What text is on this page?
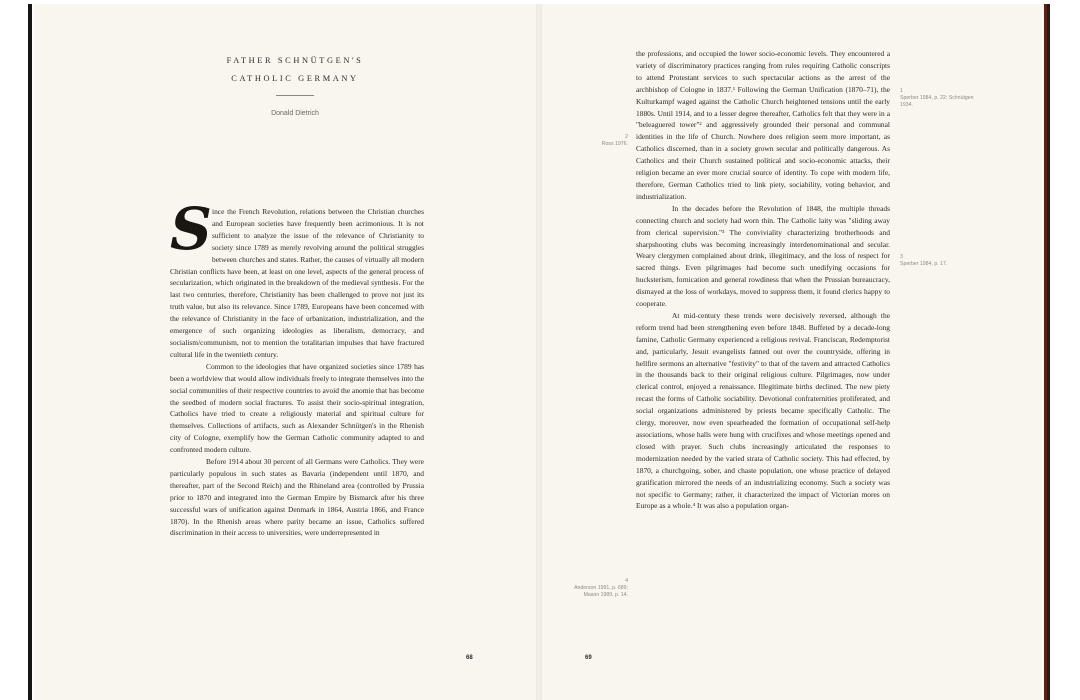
FATHER SCHNÜTGEN'S
CATHOLIC GERMANY
Donald Dietrich

Since the French Revolution, relations between the Christian churches and European societies have frequently been acrimonious. It is not sufficient to analyze the issue of the relevance of Christianity to society since 1789 as merely revolving around the political struggles between churches and states. Rather, the causes of virtually all modern Christian conflicts have been, at least on one level, aspects of the general process of secularization, which originated in the breakdown of the medieval synthesis. For the last two centuries, therefore, Christianity has been challenged to prove not just its truth value, but also its relevance. Since 1789, Europeans have been concerned with the relevance of Christianity in the face of urbanization, industrialization, and the emergence of such organizing ideologies as liberalism, democracy, and socialism/communism, not to mention the totalitarian impulses that have fractured cultural life in the twentieth century.

Common to the ideologies that have organized societies since 1789 has been a worldview that would allow individuals freely to integrate themselves into the social communities of their respective countries to avoid the anomie that has become the seedbed of modern social fractures. To assist their socio-spiritual integration, Catholics have tried to create a religiously material and spiritual culture for themselves. Collections of artifacts, such as Alexander Schnütgen's in the Rhenish city of Cologne, exemplify how the German Catholic community adapted to and confronted modern culture.

Before 1914 about 30 percent of all Germans were Catholics. They were particularly populous in such states as Bavaria (independent until 1870, and thereafter, part of the Second Reich) and the Rhineland area (controlled by Prussia prior to 1870 and integrated into the German Empire by Bismarck after his three successful wars of unification against Denmark in 1864, Austria 1866, and France 1870). In the Rhenish areas where parity became an issue, Catholics suffered discrimination in their access to universities, were underrepresented in

the professions, and occupied the lower socio-economic levels. They encountered a variety of discriminatory practices ranging from rules requiring Catholic conscripts to attend Protestant services to such spectacular actions as the arrest of the archbishop of Cologne in 1837.¹ Following the German Unification (1870–71), the Kulturkampf waged against the Catholic Church heightened tensions until the early 1880s. Until 1914, and to a lesser degree thereafter, Catholics felt that they were in a "beleaguered tower"² and aggressively grounded their personal and communal identities in the life of Church. Nowhere does religion seem more important, as Catholics discerned, than in a society grown secular and politically dangerous. As Catholics and their Church sustained political and socio-economic attacks, their religion became an ever more crucial source of identity. To cope with modern life, therefore, German Catholics tried to link piety, sociability, voting behavior, and industrialization.

In the decades before the Revolution of 1848, the multiple threads connecting church and society had worn thin. The Catholic laity was "sliding away from clerical supervision."³ The conviviality characterizing brotherhoods and sharpshooting clubs was becoming increasingly interdenominational and secular. Weary clergymen complained about drink, illegitimacy, and the loss of respect for sacred things. Even pilgrimages had become such unedifying occasions for hucksterism, fornication and general rowdiness that when the Prussian bureaucracy, dismayed at the loss of workdays, moved to suppress them, it found clerics happy to cooperate.

At mid-century these trends were decisively reversed, although the reform trend had been strengthening even before 1848. Buffeted by a decade-long famine, Catholic Germany experienced a religious revival. Franciscan, Redemptorist and, particularly, Jesuit evangelists fanned out over the countryside, offering in hellfire sermons an alternative "festivity" to that of the tavern and attracted Catholics in the thousands back to their original religious culture. Pilgrimages, now under clerical control, enjoyed a renaissance. Illegitimate births declined. The new piety recast the forms of Catholic sociability. Devotional confraternities proliferated, and social organizations administered by priests became specifically Catholic. The clergy, moreover, now even spearheaded the formation of occupational self-help associations, whose halls were hung with crucifixes and whose meetings opened and closed with prayer. Such clubs increasingly articulated the responses to modernization needed by the varied strata of Catholic society. This had effected, by 1870, a churchgoing, sober, and chaste population, one whose practice of delayed gratification mirrored the needs of an industrializing economy. Such a society was not specific to Germany; rather, it characterized the impact of Victorian mores on Europe as a whole.⁴ It was also a population organ-

1
Sperber 1984, p. 22; Schnütgen 1934.
2
Ross 1976.
3
Sperber 1984, p. 17.
4
Anderson 1991, p. 689; Mason 1989, p. 14.
68	69
